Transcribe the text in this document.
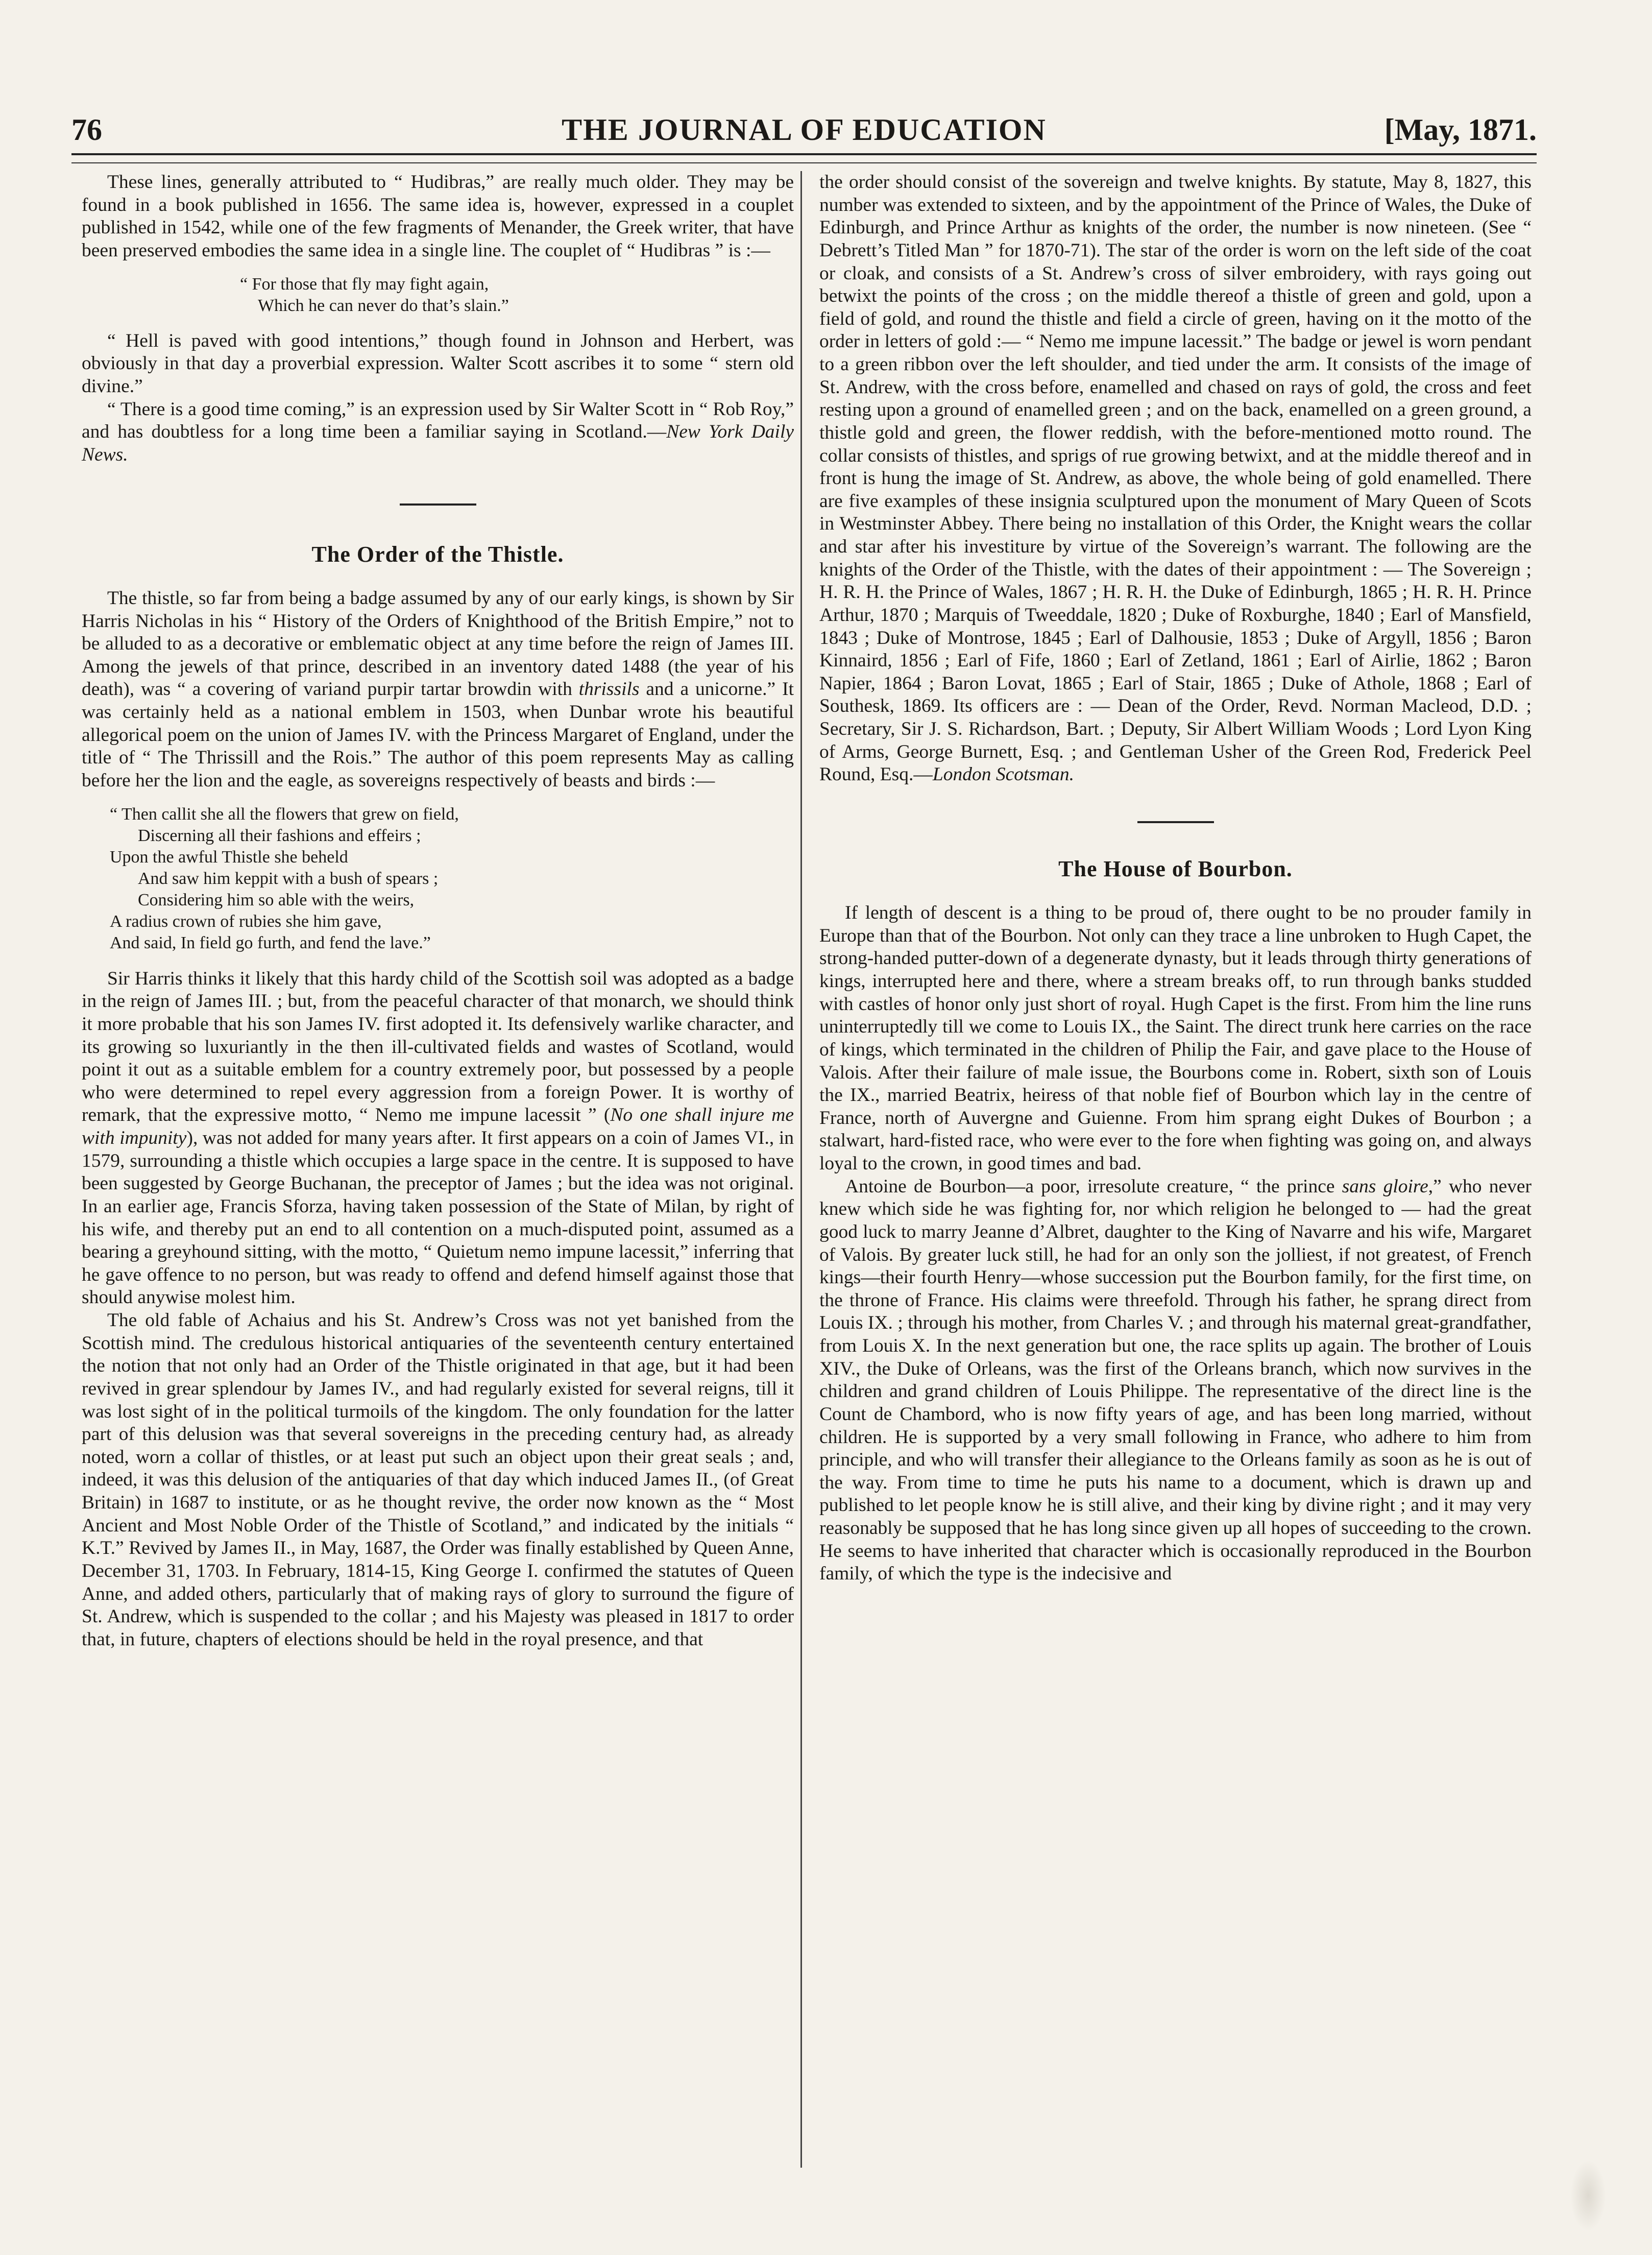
76	THE JOURNAL OF EDUCATION	[May, 1871.

These lines, generally attributed to “ Hudibras,” are really much older. They may be found in a book published in 1656. The same idea is, however, expressed in a couplet published in 1542, while one of the few fragments of Menander, the Greek writer, that have been preserved embodies the same idea in a single line. The couplet of “ Hudibras ” is :—

“ For those that fly may fight again,
Which he can never do that’s slain.”

“ Hell is paved with good intentions,” though found in Johnson and Herbert, was obviously in that day a proverbial expression. Walter Scott ascribes it to some “ stern old divine.”

“ There is a good time coming,” is an expression used by Sir Walter Scott in “ Rob Roy,” and has doubtless for a long time been a familiar saying in Scotland.—New York Daily News.

The Order of the Thistle.

The thistle, so far from being a badge assumed by any of our early kings, is shown by Sir Harris Nicholas in his “ History of the Orders of Knighthood of the British Empire,” not to be alluded to as a decorative or emblematic object at any time before the reign of James III. Among the jewels of that prince, described in an inventory dated 1488 (the year of his death), was “ a covering of variand purpir tartar browdin with thrissils and a unicorne.” It was certainly held as a national emblem in 1503, when Dunbar wrote his beautiful allegorical poem on the union of James IV. with the Princess Margaret of England, under the title of “ The Thrissill and the Rois.” The author of this poem represents May as calling before her the lion and the eagle, as sovereigns respectively of beasts and birds :—

“ Then callit she all the flowers that grew on field,
Discerning all their fashions and effeirs ;
Upon the awful Thistle she beheld
And saw him keppit with a bush of spears ;
Considering him so able with the weirs,
A radius crown of rubies she him gave,
And said, In field go furth, and fend the lave.”

Sir Harris thinks it likely that this hardy child of the Scottish soil was adopted as a badge in the reign of James III. ; but, from the peaceful character of that monarch, we should think it more probable that his son James IV. first adopted it. Its defensively warlike character, and its growing so luxuriantly in the then ill-cultivated fields and wastes of Scotland, would point it out as a suitable emblem for a country extremely poor, but possessed by a people who were determined to repel every aggression from a foreign Power. It is worthy of remark, that the expressive motto, “ Nemo me impune lacessit ” (No one shall injure me with impunity), was not added for many years after. It first appears on a coin of James VI., in 1579, surrounding a thistle which occupies a large space in the centre. It is supposed to have been suggested by George Buchanan, the preceptor of James ; but the idea was not original. In an earlier age, Francis Sforza, having taken possession of the State of Milan, by right of his wife, and thereby put an end to all contention on a much-disputed point, assumed as a bearing a greyhound sitting, with the motto, “ Quietum nemo impune lacessit,” inferring that he gave offence to no person, but was ready to offend and defend himself against those that should anywise molest him.

The old fable of Achaius and his St. Andrew’s Cross was not yet banished from the Scottish mind. The credulous historical antiquaries of the seventeenth century entertained the notion that not only had an Order of the Thistle originated in that age, but it had been revived in grear splendour by James IV., and had regularly existed for several reigns, till it was lost sight of in the political turmoils of the kingdom. The only foundation for the latter part of this delusion was that several sovereigns in the preceding century had, as already noted, worn a collar of thistles, or at least put such an object upon their great seals ; and, indeed, it was this delusion of the antiquaries of that day which induced James II., (of Great Britain) in 1687 to institute, or as he thought revive, the order now known as the “ Most Ancient and Most Noble Order of the Thistle of Scotland,” and indicated by the initials “ K.T.” Revived by James II., in May, 1687, the Order was finally established by Queen Anne, December 31, 1703. In February, 1814-15, King George I. confirmed the statutes of Queen Anne, and added others, particularly that of making rays of glory to surround the figure of St. Andrew, which is suspended to the collar ; and his Majesty was pleased in 1817 to order that, in future, chapters of elections should be held in the royal presence, and that

the order should consist of the sovereign and twelve knights. By statute, May 8, 1827, this number was extended to sixteen, and by the appointment of the Prince of Wales, the Duke of Edinburgh, and Prince Arthur as knights of the order, the number is now nineteen. (See “ Debrett’s Titled Man ” for 1870-71). The star of the order is worn on the left side of the coat or cloak, and consists of a St. Andrew’s cross of silver embroidery, with rays going out betwixt the points of the cross ; on the middle thereof a thistle of green and gold, upon a field of gold, and round the thistle and field a circle of green, having on it the motto of the order in letters of gold :— “ Nemo me impune lacessit.” The badge or jewel is worn pendant to a green ribbon over the left shoulder, and tied under the arm. It consists of the image of St. Andrew, with the cross before, enamelled and chased on rays of gold, the cross and feet resting upon a ground of enamelled green ; and on the back, enamelled on a green ground, a thistle gold and green, the flower reddish, with the before-mentioned motto round. The collar consists of thistles, and sprigs of rue growing betwixt, and at the middle thereof and in front is hung the image of St. Andrew, as above, the whole being of gold enamelled. There are five examples of these insignia sculptured upon the monument of Mary Queen of Scots in Westminster Abbey. There being no installation of this Order, the Knight wears the collar and star after his investiture by virtue of the Sovereign’s warrant. The following are the knights of the Order of the Thistle, with the dates of their appointment : — The Sovereign ; H. R. H. the Prince of Wales, 1867 ; H. R. H. the Duke of Edinburgh, 1865 ; H. R. H. Prince Arthur, 1870 ; Marquis of Tweeddale, 1820 ; Duke of Roxburghe, 1840 ; Earl of Mansfield, 1843 ; Duke of Montrose, 1845 ; Earl of Dalhousie, 1853 ; Duke of Argyll, 1856 ; Baron Kinnaird, 1856 ; Earl of Fife, 1860 ; Earl of Zetland, 1861 ; Earl of Airlie, 1862 ; Baron Napier, 1864 ; Baron Lovat, 1865 ; Earl of Stair, 1865 ; Duke of Athole, 1868 ; Earl of Southesk, 1869. Its officers are : — Dean of the Order, Revd. Norman Macleod, D.D. ; Secretary, Sir J. S. Richardson, Bart. ; Deputy, Sir Albert William Woods ; Lord Lyon King of Arms, George Burnett, Esq. ; and Gentleman Usher of the Green Rod, Frederick Peel Round, Esq.—London Scotsman.

The House of Bourbon.

If length of descent is a thing to be proud of, there ought to be no prouder family in Europe than that of the Bourbon. Not only can they trace a line unbroken to Hugh Capet, the strong-handed putter-down of a degenerate dynasty, but it leads through thirty generations of kings, interrupted here and there, where a stream breaks off, to run through banks studded with castles of honor only just short of royal. Hugh Capet is the first. From him the line runs uninterruptedly till we come to Louis IX., the Saint. The direct trunk here carries on the race of kings, which terminated in the children of Philip the Fair, and gave place to the House of Valois. After their failure of male issue, the Bourbons come in. Robert, sixth son of Louis the IX., married Beatrix, heiress of that noble fief of Bourbon which lay in the centre of France, north of Auvergne and Guienne. From him sprang eight Dukes of Bourbon ; a stalwart, hard-fisted race, who were ever to the fore when fighting was going on, and always loyal to the crown, in good times and bad.

Antoine de Bourbon—a poor, irresolute creature, “ the prince sans gloire,” who never knew which side he was fighting for, nor which religion he belonged to — had the great good luck to marry Jeanne d’Albret, daughter to the King of Navarre and his wife, Margaret of Valois. By greater luck still, he had for an only son the jolliest, if not greatest, of French kings—their fourth Henry—whose succession put the Bourbon family, for the first time, on the throne of France. His claims were threefold. Through his father, he sprang direct from Louis IX. ; through his mother, from Charles V. ; and through his maternal great-grandfather, from Louis X. In the next generation but one, the race splits up again. The brother of Louis XIV., the Duke of Orleans, was the first of the Orleans branch, which now survives in the children and grand children of Louis Philippe. The representative of the direct line is the Count de Chambord, who is now fifty years of age, and has been long married, without children. He is supported by a very small following in France, who adhere to him from principle, and who will transfer their allegiance to the Orleans family as soon as he is out of the way. From time to time he puts his name to a document, which is drawn up and published to let people know he is still alive, and their king by divine right ; and it may very reasonably be supposed that he has long since given up all hopes of succeeding to the crown. He seems to have inherited that character which is occasionally reproduced in the Bourbon family, of which the type is the indecisive and
